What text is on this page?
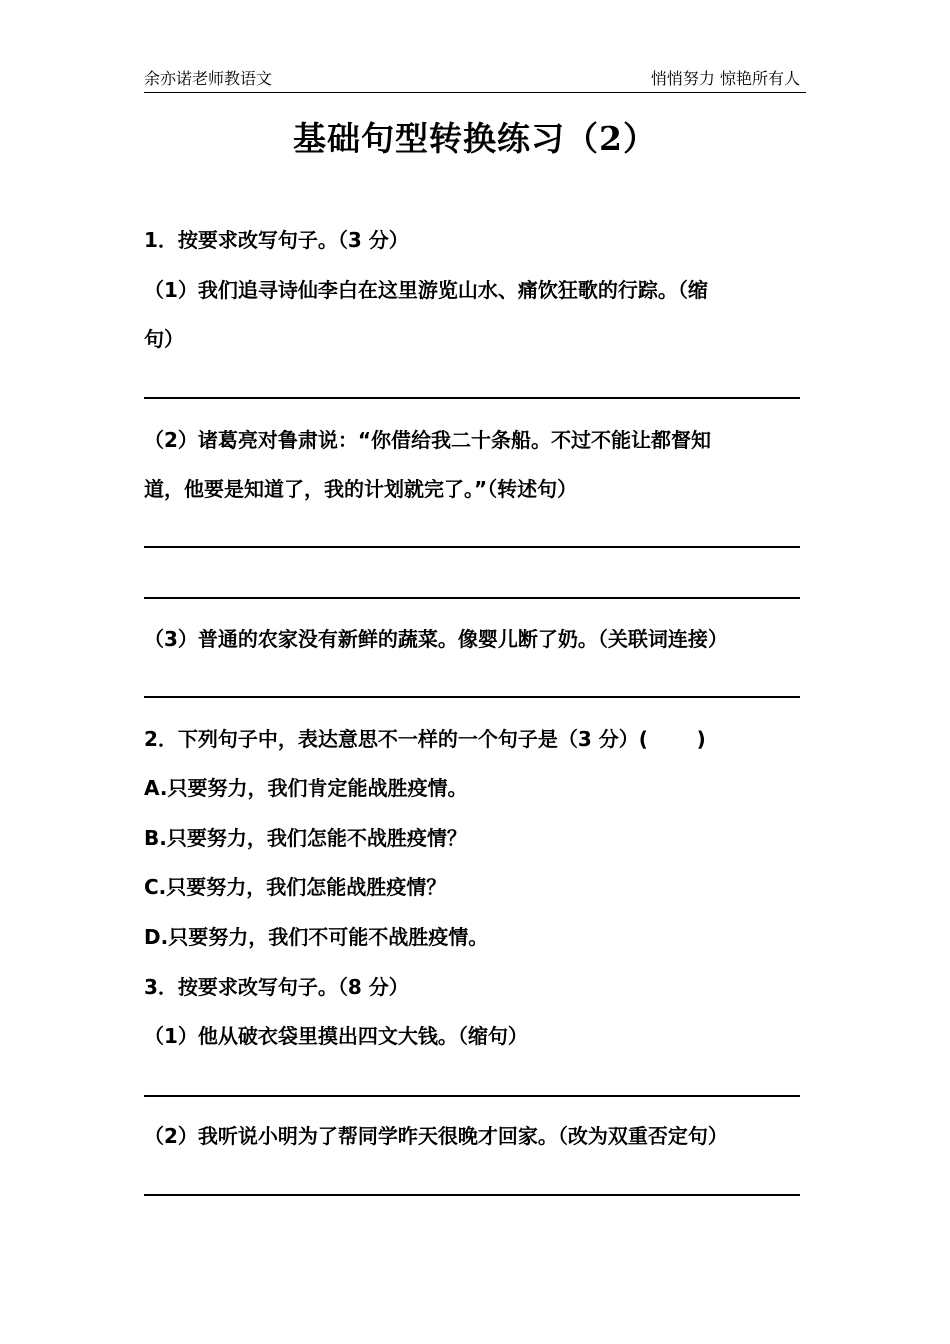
余亦诺老师教语文	悄悄努力 惊艳所有人
基础句型转换练习（2）
1．按要求改写句子。（3 分）
（1）我们追寻诗仙李白在这里游览山水、痛饮狂歌的行踪。（缩
句）
（2）诸葛亮对鲁肃说：“你借给我二十条船。不过不能让都督知
道，他要是知道了，我的计划就完了。”（转述句）
（3）普通的农家没有新鲜的蔬菜。像婴儿断了奶。（关联词连接）
2．下列句子中，表达意思不一样的一个句子是（3 分）(       )
A.只要努力，我们肯定能战胜疫情。
B.只要努力，我们怎能不战胜疫情？
C.只要努力，我们怎能战胜疫情？
D.只要努力，我们不可能不战胜疫情。
3．按要求改写句子。（8 分）
（1）他从破衣袋里摸出四文大钱。（缩句）
（2）我听说小明为了帮同学昨天很晚才回家。（改为双重否定句）
